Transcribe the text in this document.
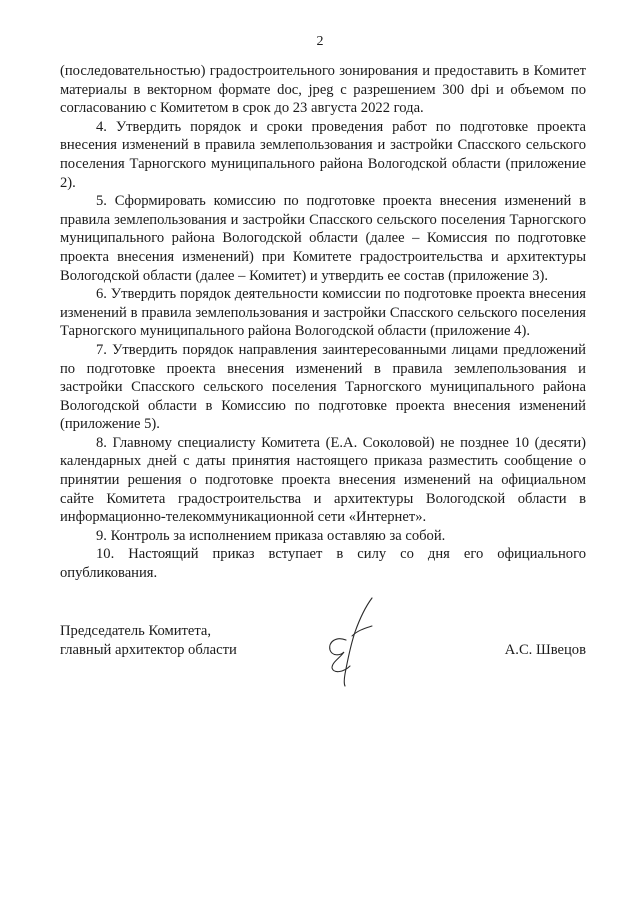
2

(последовательностью) градостроительного зонирования и предоставить в Комитет материалы в векторном формате doc, jpeg с разрешением 300 dpi и объемом по согласованию с Комитетом в срок до 23 августа 2022 года.

4. Утвердить порядок и сроки проведения работ по подготовке проекта внесения изменений в правила землепользования и застройки Спасского сельского поселения Тарногского муниципального района Вологодской области (приложение 2).

5. Сформировать комиссию по подготовке проекта внесения изменений в правила землепользования и застройки Спасского сельского поселения Тарногского муниципального района Вологодской области (далее – Комиссия по подготовке проекта внесения изменений) при Комитете градостроительства и архитектуры Вологодской области (далее – Комитет) и утвердить ее состав (приложение 3).

6. Утвердить порядок деятельности комиссии по подготовке проекта внесения изменений в правила землепользования и застройки Спасского сельского поселения Тарногского муниципального района Вологодской области (приложение 4).

7. Утвердить порядок направления заинтересованными лицами предложений по подготовке проекта внесения изменений в правила землепользования и застройки Спасского сельского поселения Тарногского муниципального района Вологодской области в Комиссию по подготовке проекта внесения изменений (приложение 5).

8. Главному специалисту Комитета (Е.А. Соколовой) не позднее 10 (десяти) календарных дней с даты принятия настоящего приказа разместить сообщение о принятии решения о подготовке проекта внесения изменений на официальном сайте Комитета градостроительства и архитектуры Вологодской области в информационно-телекоммуникационной сети «Интернет».

9. Контроль за исполнением приказа оставляю за собой.

10. Настоящий приказ вступает в силу со дня его официального опубликования.

Председатель Комитета,
главный архитектор области	А.С. Швецов
